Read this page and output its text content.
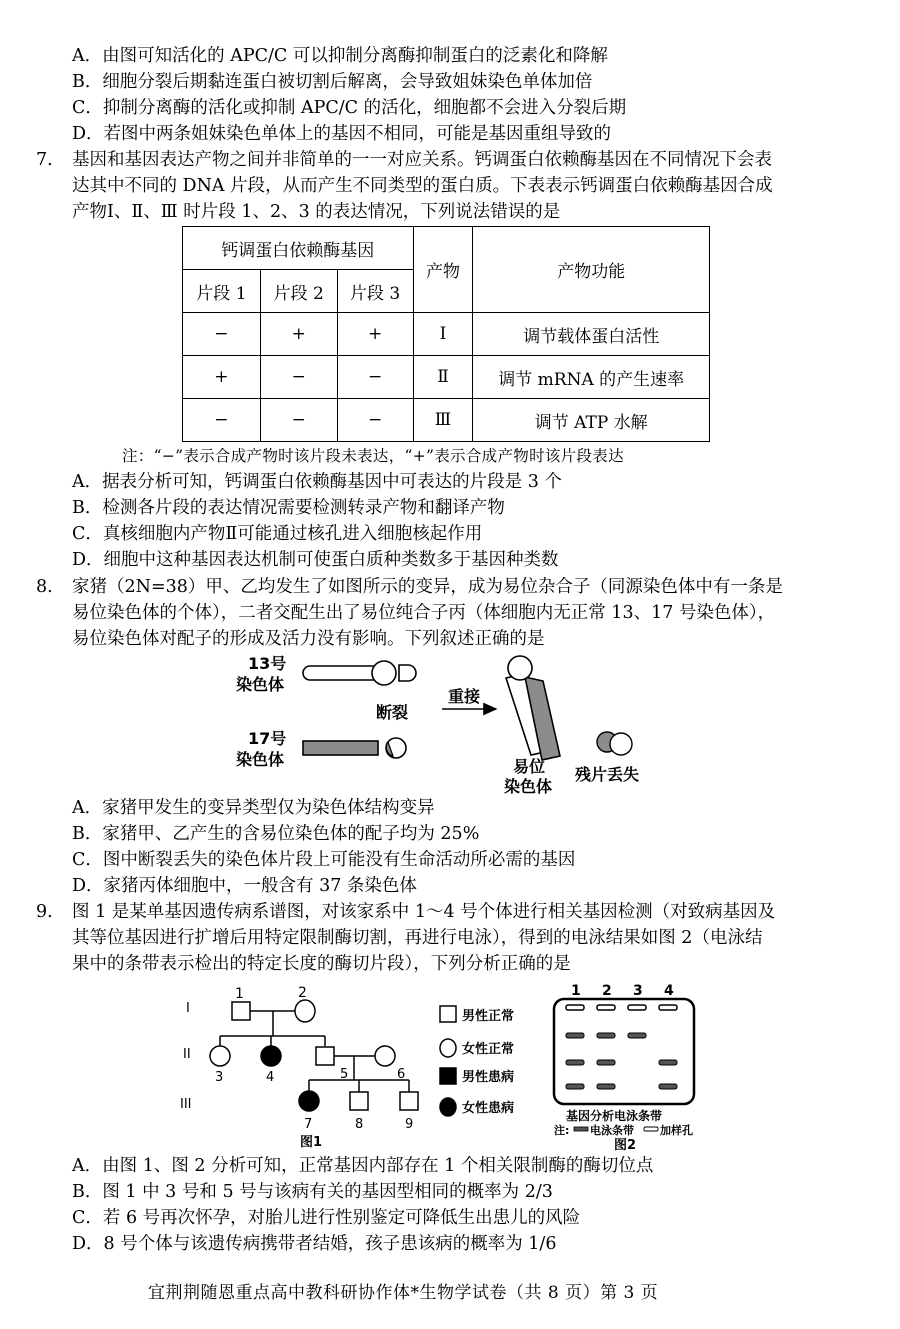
A．由图可知活化的 APC/C 可以抑制分离酶抑制蛋白的泛素化和降解
B．细胞分裂后期黏连蛋白被切割后解离，会导致姐妹染色单体加倍
C．抑制分离酶的活化或抑制 APC/C 的活化，细胞都不会进入分裂后期
D．若图中两条姐妹染色单体上的基因不相同，可能是基因重组导致的
7. 基因和基因表达产物之间并非简单的一一对应关系。钙调蛋白依赖酶基因在不同情况下会表
达其中不同的 DNA 片段，从而产生不同类型的蛋白质。下表表示钙调蛋白依赖酶基因合成
产物Ⅰ、Ⅱ、Ⅲ 时片段 1、2、3 的表达情况，下列说法错误的是
钙调蛋白依赖酶基因			产物	产物功能
片段 1	片段 2	片段 3		
−	+	+	Ⅰ	调节载体蛋白活性
+	−	−	Ⅱ	调节 mRNA 的产生速率
−	−	−	Ⅲ	调节 ATP 水解
注：“−”表示合成产物时该片段未表达，“+”表示合成产物时该片段表达
A．据表分析可知，钙调蛋白依赖酶基因中可表达的片段是 3 个
B．检测各片段的表达情况需要检测转录产物和翻译产物
C．真核细胞内产物Ⅱ可能通过核孔进入细胞核起作用
D．细胞中这种基因表达机制可使蛋白质种类数多于基因种类数
8. 家猪（2N=38）甲、乙均发生了如图所示的变异，成为易位杂合子（同源染色体中有一条是
易位染色体的个体），二者交配生出了易位纯合子丙（体细胞内无正常 13、17 号染色体），
易位染色体对配子的形成及活力没有影响。下列叙述正确的是
13号
染色体
17号
染色体
断裂
重接
易位
染色体
残片丢失
A．家猪甲发生的变异类型仅为染色体结构变异
B．家猪甲、乙产生的含易位染色体的配子均为 25%
C．图中断裂丢失的染色体片段上可能没有生命活动所必需的基因
D．家猪丙体细胞中，一般含有 37 条染色体
9. 图 1 是某单基因遗传病系谱图，对该家系中 1～4 号个体进行相关基因检测（对致病基因及
其等位基因进行扩增后用特定限制酶切割，再进行电泳），得到的电泳结果如图 2（电泳结
果中的条带表示检出的特定长度的酶切片段），下列分析正确的是
I
II
III
1	2
3	4	5	6
7	8	9
图1
男性正常
女性正常
男性患病
女性患病
1 2 3 4
基因分析电泳条带
注: 电泳条带 加样孔
图2
A．由图 1、图 2 分析可知，正常基因内部存在 1 个相关限制酶的酶切位点
B．图 1 中 3 号和 5 号与该病有关的基因型相同的概率为 2/3
C．若 6 号再次怀孕，对胎儿进行性别鉴定可降低生出患儿的风险
D．8 号个体与该遗传病携带者结婚，孩子患该病的概率为 1/6
宜荆荆随恩重点高中教科研协作体*生物学试卷（共 8 页）第 3 页
